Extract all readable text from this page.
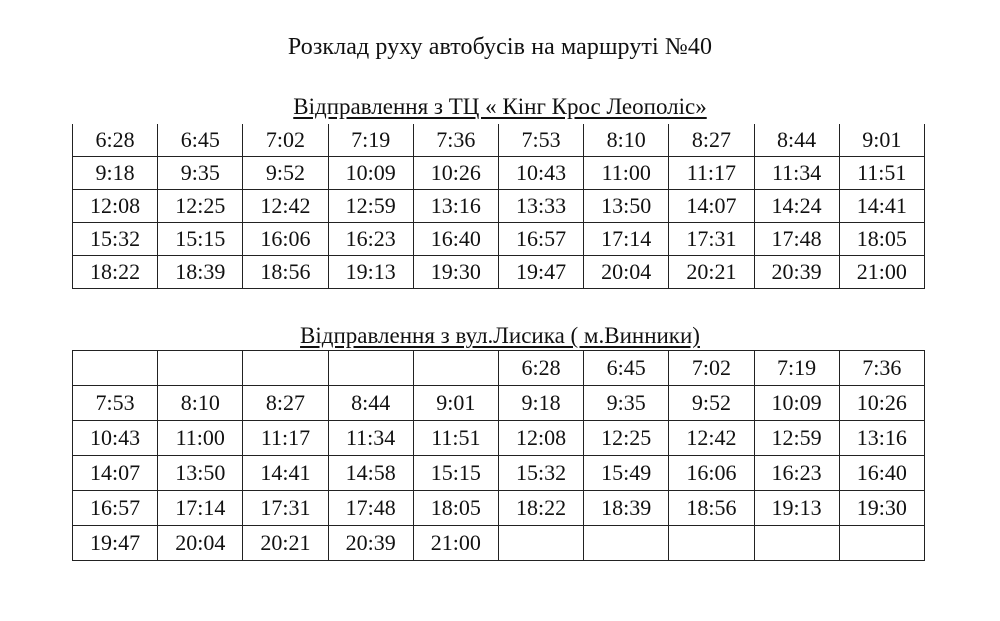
Розклад руху автобусів на маршруті №40
Відправлення з ТЦ « Кінг Крос Леополіс»
6:28	6:45	7:02	7:19	7:36	7:53	8:10	8:27	8:44	9:01
9:18	9:35	9:52	10:09	10:26	10:43	11:00	11:17	11:34	11:51
12:08	12:25	12:42	12:59	13:16	13:33	13:50	14:07	14:24	14:41
15:32	15:15	16:06	16:23	16:40	16:57	17:14	17:31	17:48	18:05
18:22	18:39	18:56	19:13	19:30	19:47	20:04	20:21	20:39	21:00
Відправлення з вул.Лисика ( м.Винники)
					6:28	6:45	7:02	7:19	7:36
7:53	8:10	8:27	8:44	9:01	9:18	9:35	9:52	10:09	10:26
10:43	11:00	11:17	11:34	11:51	12:08	12:25	12:42	12:59	13:16
14:07	13:50	14:41	14:58	15:15	15:32	15:49	16:06	16:23	16:40
16:57	17:14	17:31	17:48	18:05	18:22	18:39	18:56	19:13	19:30
19:47	20:04	20:21	20:39	21:00					
